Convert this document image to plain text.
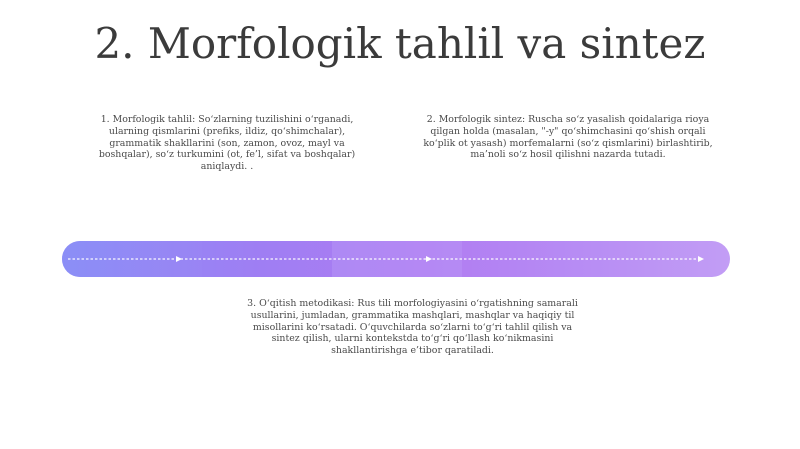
2. Morfologik tahlil va sintez
1. Morfologik tahlil: So‘zlarning tuzilishini o‘rganadi, ularning qismlarini (prefiks, ildiz, qo‘shimchalar), grammatik shakllarini (son, zamon, ovoz, mayl va boshqalar), so‘z turkumini (ot, fe’l, sifat va boshqalar) aniqlaydi. .
2. Morfologik sintez: Ruscha so‘z yasalish qoidalariga rioya qilgan holda (masalan, "-y" qo‘shimchasini qo‘shish orqali ko‘plik ot yasash) morfemalarni (so‘z qismlarini) birlashtirib, ma’noli so‘z hosil qilishni nazarda tutadi.
3. O‘qitish metodikasi: Rus tili morfologiyasini o‘rgatishning samarali usullarini, jumladan, grammatika mashqlari, mashqlar va haqiqiy til misollarini ko‘rsatadi. O‘quvchilarda so‘zlarni to‘g‘ri tahlil qilish va sintez qilish, ularni kontekstda to‘g‘ri qo‘llash ko‘nikmasini shakllantirishga e’tibor qaratiladi.
